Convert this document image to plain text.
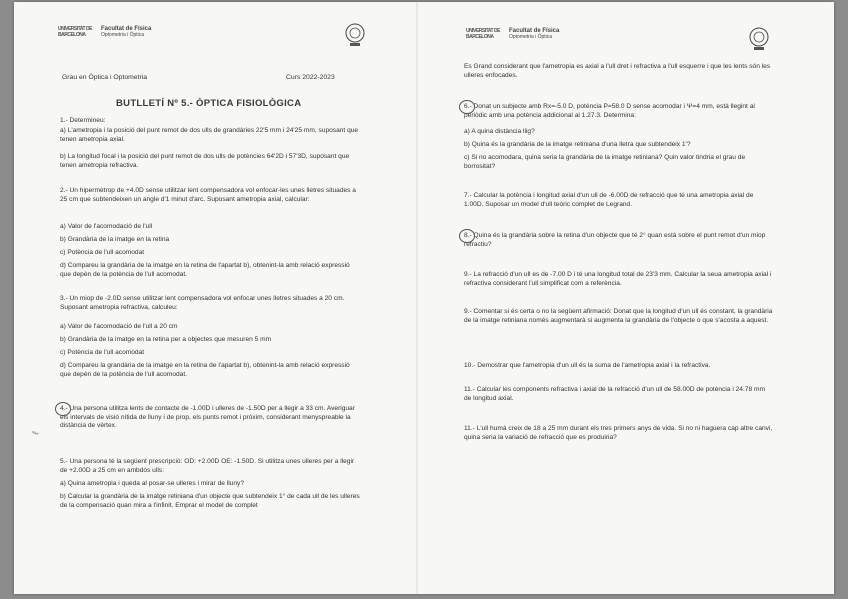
UNIVERSITAT DE BARCELONA
Facultat de Física
Optometria i Òptica
Grau en Òptica i Optometria	Curs 2022-2023
BUTLLETÍ Nº 5.- ÒPTICA FISIOLÒGICA
1.- Determineu:
a) L'ametropia i la posició del punt remot de dos ulls de grandàries 22'5 mm i 24'25 mm, suposant que tenen ametropia axial.
b) La longitud focal i la posició del punt remot de dos ulls de potències 64'2D i 57'3D, suposant que tenen ametropia refractiva.
2.- Un hipermètrop de +4.0D sense utilitzar lent compensadora vol enfocar-les unes lletres situades a 25 cm que subtendeixen un angle d'1 minut d'arc. Suposant ametropia axial, calcular:
a) Valor de l'acomodació de l'ull
b) Grandària de la imatge en la retina
c) Potència de l'ull acomodat
d) Compareu la grandària de la imatge en la retina de l'apartat b), obtenint-la amb relació expressió que depèn de la potència de l'ull acomodat.
3.- Un miop de -2.0D sense utilitzar lent compensadora vol enfocar unes lletres situades a 20 cm. Suposant ametropia refractiva, calculeu:
a) Valor de l'acomodació de l'ull a 20 cm
b) Grandària de la imatge en la retina per a objectes que mesuren 5 mm
c) Potència de l'ull acomodat
d) Compareu la grandària de la imatge en la retina de l'apartat b), obtenint-la amb relació expressió que depèn de la potència de l'ull acomodat.
4.- Una persona utilitza lents de contacte de -1.00D i ulleres de -1.50D per a llegir a 33 cm. Averiguar els intervals de visió nítida de lluny i de prop, els punts remot i pròxim, considerant menyspreable la distància de vèrtex.
ℓ
5.- Una persona té la següent prescripció: OD: +2.00D OE: -1.50D. Si utilitza unes ulleres per a llegir de +2.00D a 25 cm en ambdós ulls:
a) Quina ametropia i queda al posar-se ulleres i mirar de lluny?
b) Calcular la grandària de la imatge retiniana d'un objecte que subtendeix 1° de cada ull de les ulleres de la compensació quan mira a l'infinit. Emprar el model de complet
UNIVERSITAT DE BARCELONA
Facultat de Física
Optometria i Òptica
Es Grand considerant que l'ametropia es axial a l'ull dret i refractiva a l'ull esquerre i que les lents són les ulleres enfocades.
6.- Donat un subjecte amb Rx=-5.0 D, potència P=58.0 D sense acomodar i Ψ=4 mm, està llegint al periòdic amb una potència addicional al 1.27.3. Determina:
a) A quina distància llig?
b) Quina és la grandària de la imatge retiniana d'una lletra que subtendeix 1'?
c) Si no acomodara, quina seria la grandària de la imatge retiniana? Quin valor tindria el grau de borrositat?
7.- Calcular la potència i longitud axial d'un ull de -6.00D de refracció que té una ametropia axial de 1.00D. Suposar un model d'ull teòric complet de Legrand.
8.- Quina és la grandària sobre la retina d'un objecte que té 2° quan està sobre el punt remot d'un miop refractiu?
9.- La refracció d'un ull es de -7.00 D i té una longitud total de 23'3 mm. Calcular la seua ametropia axial i refractiva considerant l'ull simplificat com a referència.
9.- Comentar si és certa o no la següent afirmació: Donat que la longitud d'un ull és constant, la grandària de la imatge retiniana només augmentarà si augmenta la grandària de l'objecte o que s'acosta a aquest.
10.- Demostrar que l'ametropia d'un ull és la suma de l'ametropia axial i la refractiva.
11.- Calcular les components refractiva i axial de la refracció d'un ull de 58.00D de potència i 24.78 mm de longitud axial.
11.- L'ull humà creix de 18 a 25 mm durant els tres primers anys de vida. Si no ni haguera cap altre canvi, quina seria la variació de refracció que es produiria?
